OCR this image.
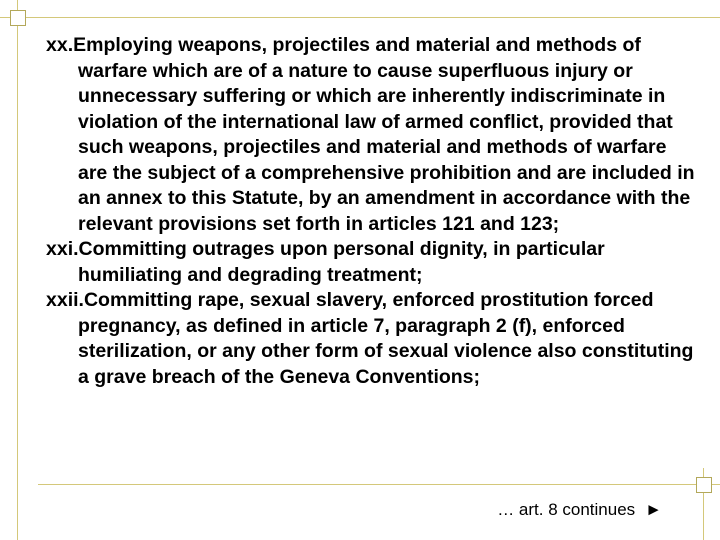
xx.Employing weapons, projectiles and material and methods of warfare which are of a nature to cause superfluous injury or unnecessary suffering or which are inherently indiscriminate in violation of the international law of armed conflict, provided that such weapons, projectiles and material and methods of warfare are the subject of a comprehensive prohibition and are included in an annex to this Statute, by an amendment in accordance with the relevant provisions set forth in articles 121 and 123;

xxi.Committing outrages upon personal dignity, in particular humiliating and degrading treatment;

xxii.Committing rape, sexual slavery, enforced prostitution forced pregnancy, as defined in article 7, paragraph 2 (f), enforced sterilization, or any other form of sexual violence also constituting a grave breach of the Geneva Conventions;

… art. 8 continues ►
